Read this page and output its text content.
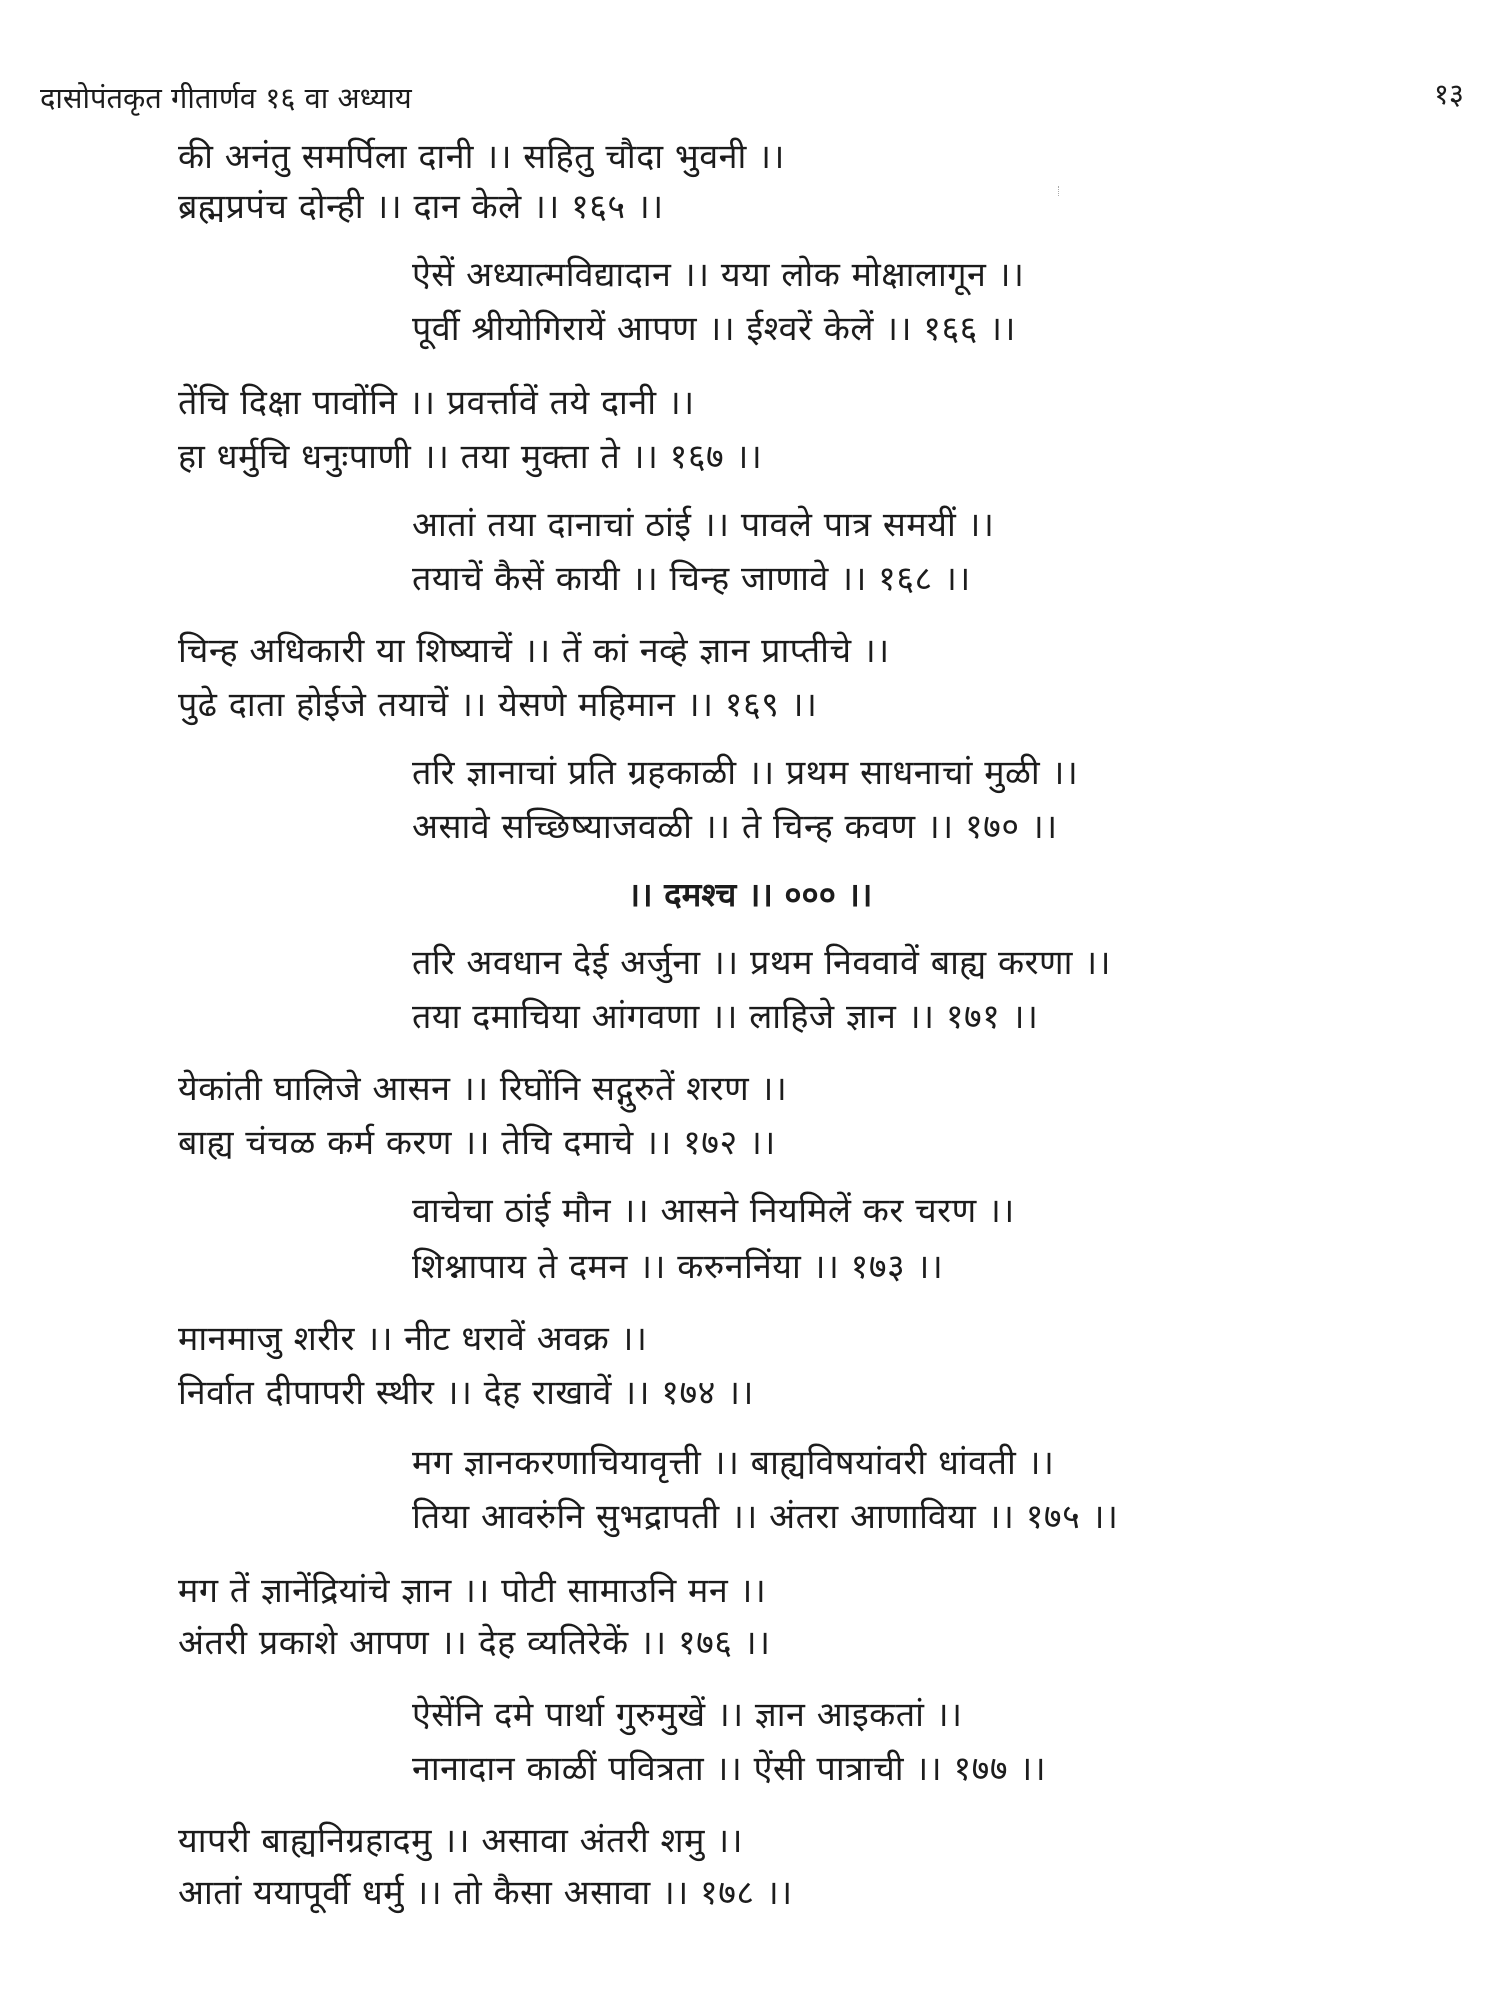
दासोपंतकृत गीतार्णव १६ वा अध्याय	१३
की अनंतु समर्पिला दानी ।। सहितु चौदा भुवनी ।।
ब्रह्मप्रपंच दोन्ही ।। दान केले ।। १६५ ।।
ऐसें अध्यात्मविद्यादान ।। यया लोक मोक्षालागून ।।
पूर्वी श्रीयोगिरायें आपण ।। ईश्वरें केलें ।। १६६ ।।
तेंचि दिक्षा पावोंनि ।। प्रवर्त्तावें तये दानी ।।
हा धर्मुचि धनुःपाणी ।। तया मुक्ता ते ।। १६७ ।।
आतां तया दानाचां ठांई ।। पावले पात्र समयीं ।।
तयाचें कैसें कायी ।। चिन्ह जाणावे ।। १६८ ।।
चिन्ह अधिकारी या शिष्याचें ।। तें कां नव्हे ज्ञान प्राप्तीचे ।।
पुढे दाता होईजे तयाचें ।। येसणे महिमान ।। १६९ ।।
तरि ज्ञानाचां प्रति ग्रहकाळी ।। प्रथम साधनाचां मुळी ।।
असावे सच्छिष्याजवळी ।। ते चिन्ह कवण ।। १७० ।।
।। दमश्च ।। ००० ।।
तरि अवधान देई अर्जुना ।। प्रथम निववावें बाह्य करणा ।।
तया दमाचिया आंगवणा ।। लाहिजे ज्ञान ।। १७१ ।।
येकांती घालिजे आसन ।। रिघोंनि सद्गुरुतें शरण ।।
बाह्य चंचळ कर्म करण ।। तेचि दमाचे ।। १७२ ।।
वाचेचा ठांई मौन ।। आसने नियमिलें कर चरण ।।
शिश्नापाय ते दमन ।। करुननिंया ।। १७३ ।।
मानमाजु शरीर ।। नीट धरावें अवक्र ।।
निर्वात दीपापरी स्थीर ।। देह राखावें ।। १७४ ।।
मग ज्ञानकरणाचियावृत्ती ।। बाह्यविषयांवरी धांवती ।।
तिया आवरुंनि सुभद्रापती ।। अंतरा आणाविया ।। १७५ ।।
मग तें ज्ञानेंद्रियांचे ज्ञान ।। पोटी सामाउनि मन ।।
अंतरी प्रकाशे आपण ।। देह व्यतिरेकें ।। १७६ ।।
ऐसेंनि दमे पार्था गुरुमुखें ।। ज्ञान आइकतां ।।
नानादान काळीं पवित्रता ।। ऐंसी पात्राची ।। १७७ ।।
यापरी बाह्यनिग्रहादमु ।। असावा अंतरी शमु ।।
आतां ययापूर्वी धर्मु ।। तो कैसा असावा ।। १७८ ।।
